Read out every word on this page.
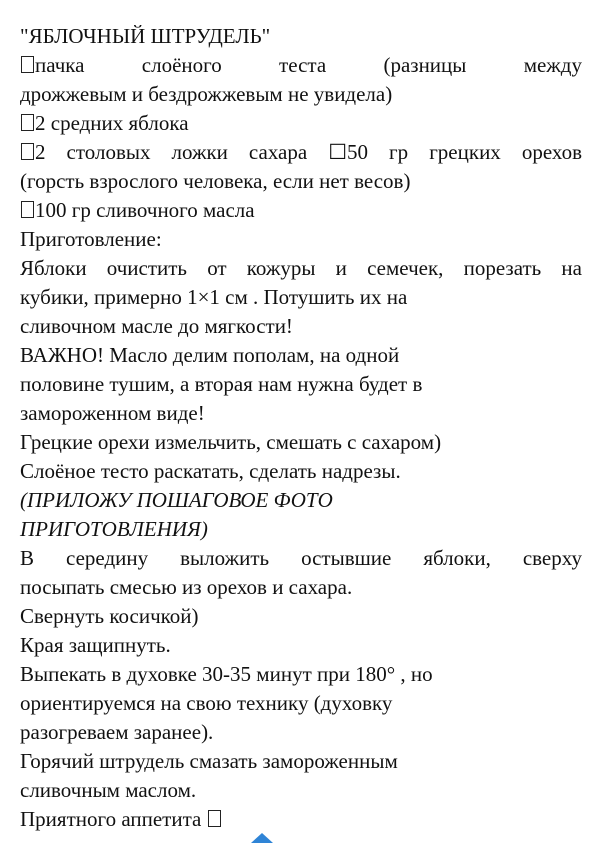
"ЯБЛОЧНЫЙ ШТРУДЕЛЬ"
пачка	слоёного	теста	(разницы	между
дрожжевым и бездрожжевым не увидела)
2 средних яблока
2 столовых ложки сахара ☐50 гр грецких орехов
(горсть взрослого человека, если нет весов)
100 гр сливочного масла
Приготовление:
Яблоки очистить от кожуры и семечек, порезать на
кубики, примерно 1×1 см . Потушить их на
сливочном масле до мягкости!
ВАЖНО! Масло делим пополам, на одной
половине тушим, а вторая нам нужна будет в
замороженном виде!
Грецкие орехи измельчить, смешать с сахаром)
Слоёное тесто раскатать, сделать надрезы.
(ПРИЛОЖУ ПОШАГОВОЕ ФОТО
ПРИГОТОВЛЕНИЯ)
В середину выложить остывшие яблоки, сверху
посыпать смесью из орехов и сахара.
Свернуть косичкой)
Края защипнуть.
Выпекать в духовке 30-35 минут при 180° , но
ориентируемся на свою технику (духовку
разогреваем заранее).
Горячий штрудель смазать замороженным
сливочным маслом.
Приятного аппетита
